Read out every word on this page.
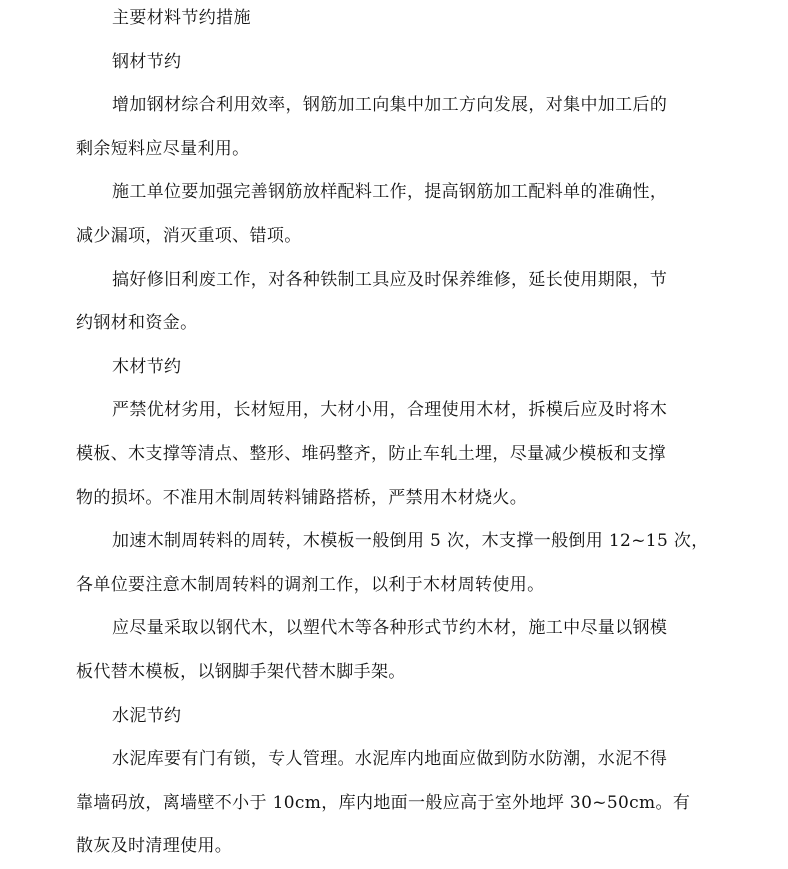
主要材料节约措施
钢材节约
增加钢材综合利用效率，钢筋加工向集中加工方向发展，对集中加工后的
剩余短料应尽量利用。
施工单位要加强完善钢筋放样配料工作，提高钢筋加工配料单的准确性，
减少漏项，消灭重项、错项。
搞好修旧利废工作，对各种铁制工具应及时保养维修，延长使用期限，节
约钢材和资金。
木材节约
严禁优材劣用，长材短用，大材小用，合理使用木材，拆模后应及时将木
模板、木支撑等清点、整形、堆码整齐，防止车轧土埋，尽量减少模板和支撑
物的损坏。不准用木制周转料铺路搭桥，严禁用木材烧火。
加速木制周转料的周转，木模板一般倒用 5 次，木支撑一般倒用 12~15 次，
各单位要注意木制周转料的调剂工作，以利于木材周转使用。
应尽量采取以钢代木，以塑代木等各种形式节约木材，施工中尽量以钢模
板代替木模板，以钢脚手架代替木脚手架。
水泥节约
水泥库要有门有锁，专人管理。水泥库内地面应做到防水防潮，水泥不得
靠墙码放，离墙壁不小于 10cm，库内地面一般应高于室外地坪 30~50cm。有
散灰及时清理使用。
